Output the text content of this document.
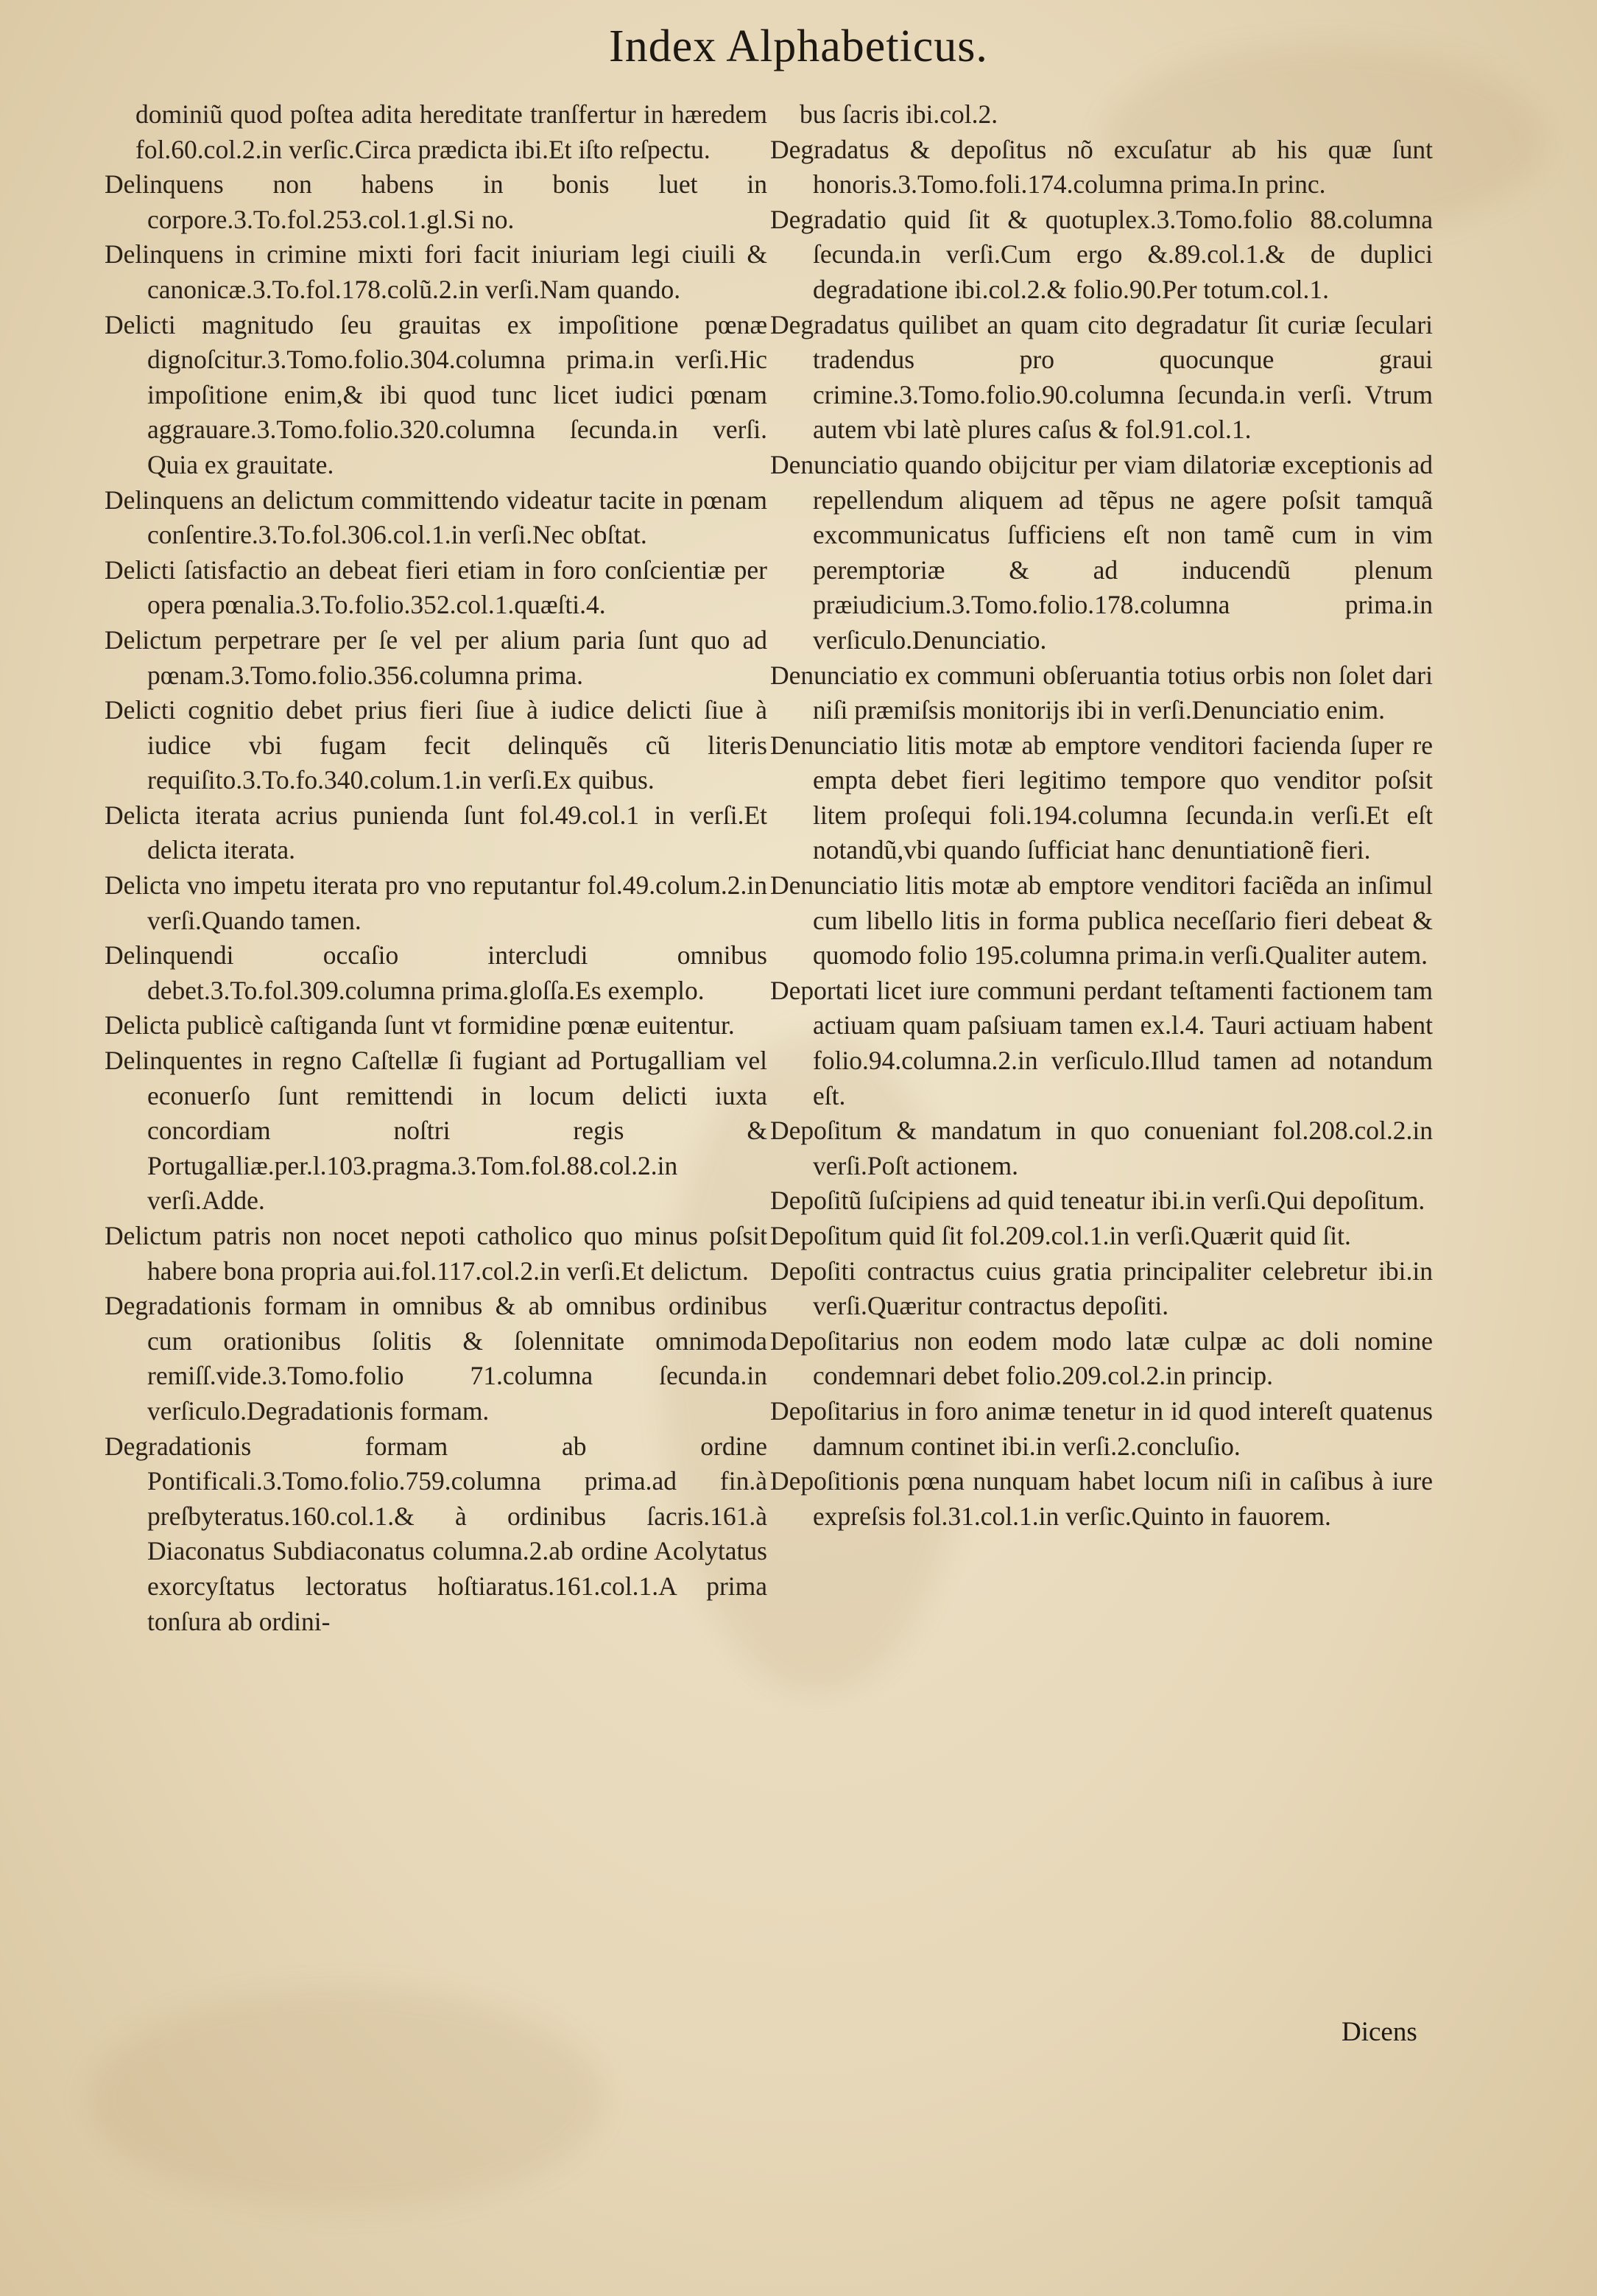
Index Alphabeticus.

dominiũ quod poſtea adita hereditate tranſfertur in hæredem fol.60.col.2.in verſic.Circa prædicta ibi.Et iſto reſpectu.

Delinquens non habens in bonis luet in corpore.3.To.fol.253.col.1.gl.Si no.

Delinquens in crimine mixti fori facit iniuriam legi ciuili & canonicæ.3.To.fol.178.colũ.2.in verſi.Nam quando.

Delicti magnitudo ſeu grauitas ex impoſitione pœnæ dignoſcitur.3.Tomo.folio.304.columna prima.in verſi.Hic impoſitione enim,& ibi quod tunc licet iudici pœnam aggrauare.3.Tomo.folio.320.columna ſecunda.in verſi. Quia ex grauitate.

Delinquens an delictum committendo videatur tacite in pœnam conſentire.3.To.fol.306.col.1.in verſi.Nec obſtat.

Delicti ſatisfactio an debeat fieri etiam in foro conſcientiæ per opera pœnalia.3.To.folio.352.col.1.quæſti.4.

Delictum perpetrare per ſe vel per alium paria ſunt quo ad pœnam.3.Tomo.folio.356.columna prima.

Delicti cognitio debet prius fieri ſiue à iudice delicti ſiue à iudice vbi fugam fecit delinquẽs cũ literis requiſito.3.To.fo.340.colum.1.in verſi.Ex quibus.

Delicta iterata acrius punienda ſunt fol.49.col.1 in verſi.Et delicta iterata.

Delicta vno impetu iterata pro vno reputantur fol.49.colum.2.in verſi.Quando tamen.

Delinquendi occaſio intercludi omnibus debet.3.To.fol.309.columna prima.gloſſa.Es exemplo.

Delicta publicè caſtiganda ſunt vt formidine pœnæ euitentur.

Delinquentes in regno Caſtellæ ſi fugiant ad Portugalliam vel econuerſo ſunt remittendi in locum delicti iuxta concordiam noſtri regis & Portugalliæ.per.l.103.pragma.3.Tom.fol.88.col.2.in verſi.Adde.

Delictum patris non nocet nepoti catholico quo minus poſsit habere bona propria aui.fol.117.col.2.in verſi.Et delictum.

Degradationis formam in omnibus & ab omnibus ordinibus cum orationibus ſolitis & ſolennitate omnimoda remiſſ.vide.3.Tomo.folio 71.columna ſecunda.in verſiculo.Degradationis formam.

Degradationis formam ab ordine Pontificali.3.Tomo.folio.759.columna prima.ad fin.à preſbyteratus.160.col.1.& à ordinibus ſacris.161.à Diaconatus Subdiaconatus columna.2.ab ordine Acolytatus exorcyſtatus lectoratus hoſtiaratus.161.col.1.A prima tonſura ab ordini-

bus ſacris ibi.col.2.

Degradatus & depoſitus nõ excuſatur ab his quæ ſunt honoris.3.Tomo.foli.174.columna prima.In princ.

Degradatio quid ſit & quotuplex.3.Tomo.folio 88.columna ſecunda.in verſi.Cum ergo &.89.col.1.& de duplici degradatione ibi.col.2.& folio.90.Per totum.col.1.

Degradatus quilibet an quam cito degradatur ſit curiæ ſeculari tradendus pro quocunque graui crimine.3.Tomo.folio.90.columna ſecunda.in verſi. Vtrum autem vbi latè plures caſus & fol.91.col.1.

Denunciatio quando obijcitur per viam dilatoriæ exceptionis ad repellendum aliquem ad tẽpus ne agere poſsit tamquã excommunicatus ſufficiens eſt non tamẽ cum in vim peremptoriæ & ad inducendũ plenum præiudicium.3.Tomo.folio.178.columna prima.in verſiculo.Denunciatio.

Denunciatio ex communi obſeruantia totius orbis non ſolet dari niſi præmiſsis monitorijs ibi in verſi.Denunciatio enim.

Denunciatio litis motæ ab emptore venditori facienda ſuper re empta debet fieri legitimo tempore quo venditor poſsit litem proſequi foli.194.columna ſecunda.in verſi.Et eſt notandũ,vbi quando ſufficiat hanc denuntiationẽ fieri.

Denunciatio litis motæ ab emptore venditori faciẽda an inſimul cum libello litis in forma publica neceſſario fieri debeat & quomodo folio 195.columna prima.in verſi.Qualiter autem.

Deportati licet iure communi perdant teſtamenti factionem tam actiuam quam paſsiuam tamen ex.l.4. Tauri actiuam habent folio.94.columna.2.in verſiculo.Illud tamen ad notandum eſt.

Depoſitum & mandatum in quo conueniant fol.208.col.2.in verſi.Poſt actionem.

Depoſitũ ſuſcipiens ad quid teneatur ibi.in verſi.Qui depoſitum.

Depoſitum quid ſit fol.209.col.1.in verſi.Quærit quid ſit.

Depoſiti contractus cuius gratia principaliter celebretur ibi.in verſi.Quæritur contractus depoſiti.

Depoſitarius non eodem modo latæ culpæ ac doli nomine condemnari debet folio.209.col.2.in princip.

Depoſitarius in foro animæ tenetur in id quod intereſt quatenus damnum continet ibi.in verſi.2.concluſio.

Depoſitionis pœna nunquam habet locum niſi in caſibus à iure expreſsis fol.31.col.1.in verſic.Quinto in fauorem.

Dicens
